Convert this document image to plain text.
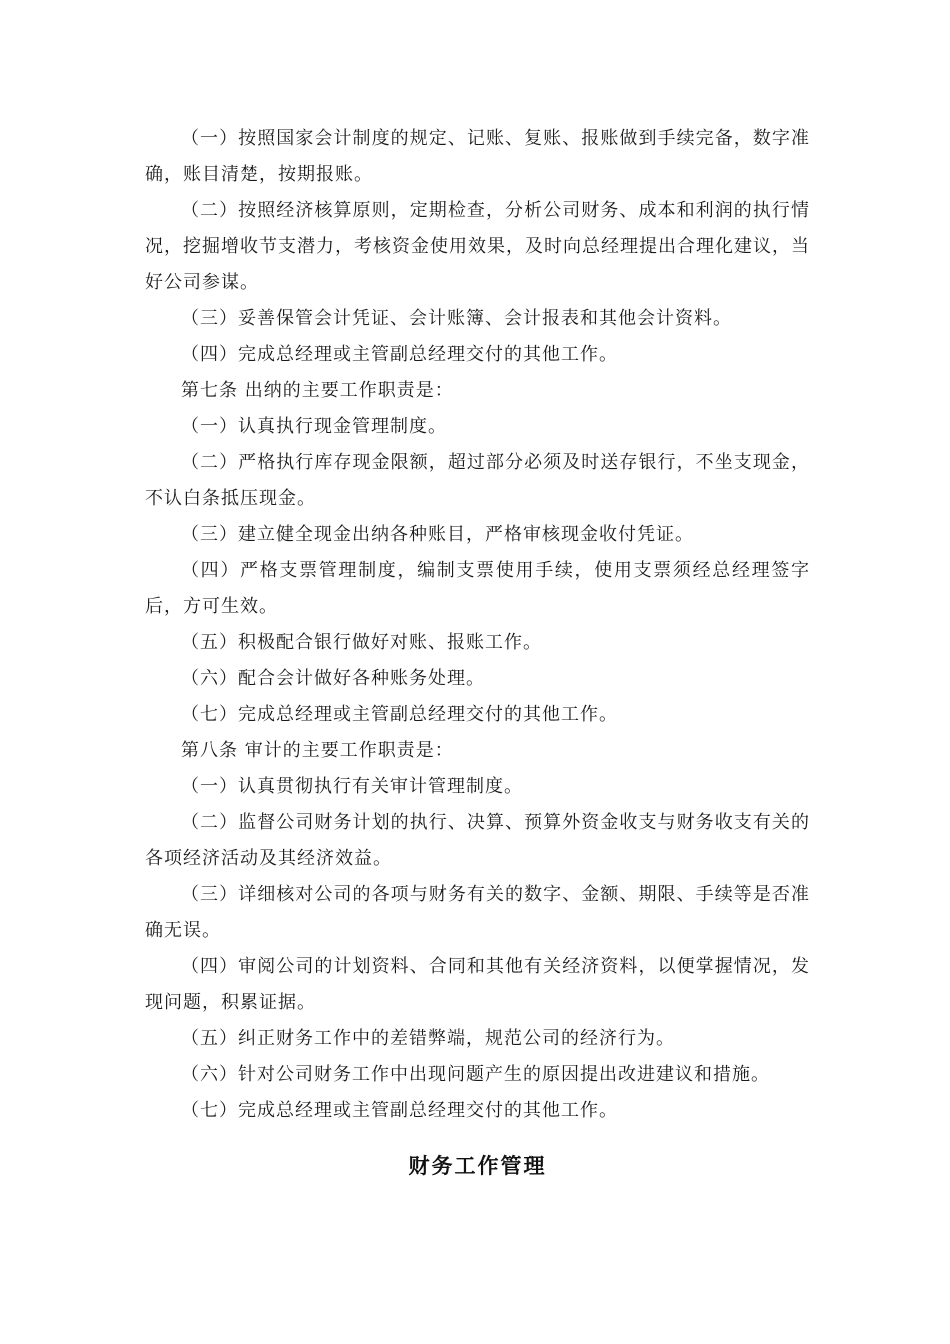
（一）按照国家会计制度的规定、记账、复账、报账做到手续完备，数字准确，账目清楚，按期报账。

（二）按照经济核算原则，定期检查，分析公司财务、成本和利润的执行情况，挖掘增收节支潜力，考核资金使用效果，及时向总经理提出合理化建议，当好公司参谋。

（三）妥善保管会计凭证、会计账簿、会计报表和其他会计资料。

（四）完成总经理或主管副总经理交付的其他工作。

第七条 出纳的主要工作职责是：

（一）认真执行现金管理制度。

（二）严格执行库存现金限额，超过部分必须及时送存银行，不坐支现金，不认白条抵压现金。

（三）建立健全现金出纳各种账目，严格审核现金收付凭证。

（四）严格支票管理制度，编制支票使用手续，使用支票须经总经理签字后，方可生效。

（五）积极配合银行做好对账、报账工作。

（六）配合会计做好各种账务处理。

（七）完成总经理或主管副总经理交付的其他工作。

第八条 审计的主要工作职责是：

（一）认真贯彻执行有关审计管理制度。

（二）监督公司财务计划的执行、决算、预算外资金收支与财务收支有关的各项经济活动及其经济效益。

（三）详细核对公司的各项与财务有关的数字、金额、期限、手续等是否准确无误。

（四）审阅公司的计划资料、合同和其他有关经济资料，以便掌握情况，发现问题，积累证据。

（五）纠正财务工作中的差错弊端，规范公司的经济行为。

（六）针对公司财务工作中出现问题产生的原因提出改进建议和措施。

（七）完成总经理或主管副总经理交付的其他工作。

财务工作管理
